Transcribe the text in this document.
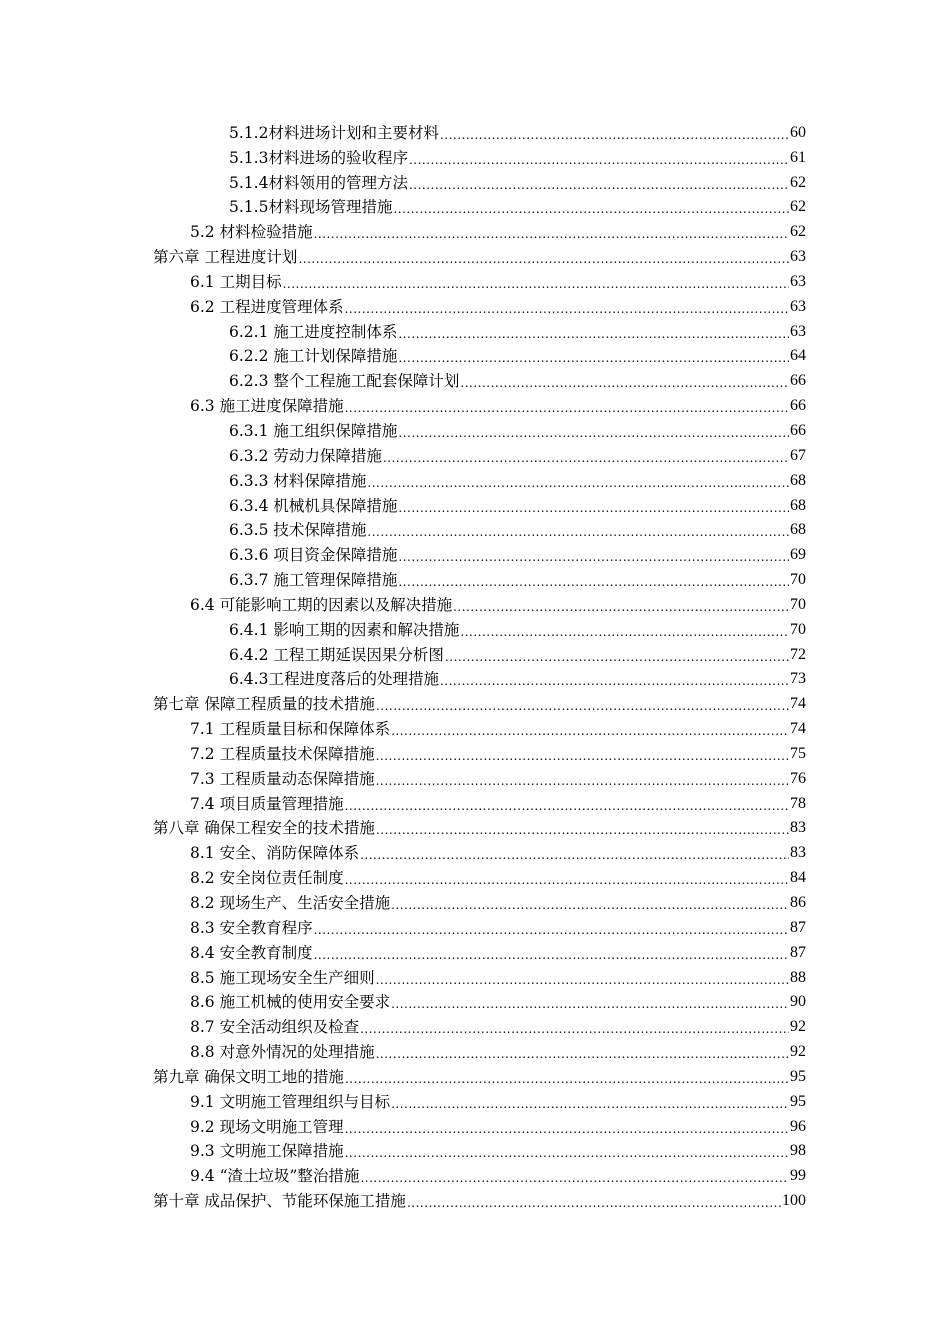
5.1.2材料进场计划和主要材料 .....	60
5.1.3材料进场的验收程序 .....	61
5.1.4材料领用的管理方法 .....	62
5.1.5材料现场管理措施 .....	62
5.2 材料检验措施 .....	62
第六章 工程进度计划 .....	63
6.1 工期目标 .....	63
6.2 工程进度管理体系 .....	63
6.2.1 施工进度控制体系 .....	63
6.2.2 施工计划保障措施 .....	64
6.2.3 整个工程施工配套保障计划 .....	66
6.3 施工进度保障措施 .....	66
6.3.1 施工组织保障措施 .....	66
6.3.2 劳动力保障措施 .....	67
6.3.3 材料保障措施 .....	68
6.3.4 机械机具保障措施 .....	68
6.3.5 技术保障措施 .....	68
6.3.6 项目资金保障措施 .....	69
6.3.7 施工管理保障措施 .....	70
6.4 可能影响工期的因素以及解决措施 .....	70
6.4.1 影响工期的因素和解决措施 .....	70
6.4.2 工程工期延误因果分析图 .....	72
6.4.3工程进度落后的处理措施 .....	73
第七章 保障工程质量的技术措施 .....	74
7.1 工程质量目标和保障体系 .....	74
7.2 工程质量技术保障措施 .....	75
7.3 工程质量动态保障措施 .....	76
7.4 项目质量管理措施 .....	78
第八章 确保工程安全的技术措施 .....	83
8.1 安全、消防保障体系 .....	83
8.2 安全岗位责任制度 .....	84
8.2 现场生产、生活安全措施 .....	86
8.3 安全教育程序 .....	87
8.4 安全教育制度 .....	87
8.5 施工现场安全生产细则 .....	88
8.6 施工机械的使用安全要求 .....	90
8.7 安全活动组织及检查 .....	92
8.8 对意外情况的处理措施 .....	92
第九章 确保文明工地的措施 .....	95
9.1 文明施工管理组织与目标 .....	95
9.2 现场文明施工管理 .....	96
9.3 文明施工保障措施 .....	98
9.4 “渣土垃圾”整治措施 .....	99
第十章 成品保护、节能环保施工措施 .....	100
